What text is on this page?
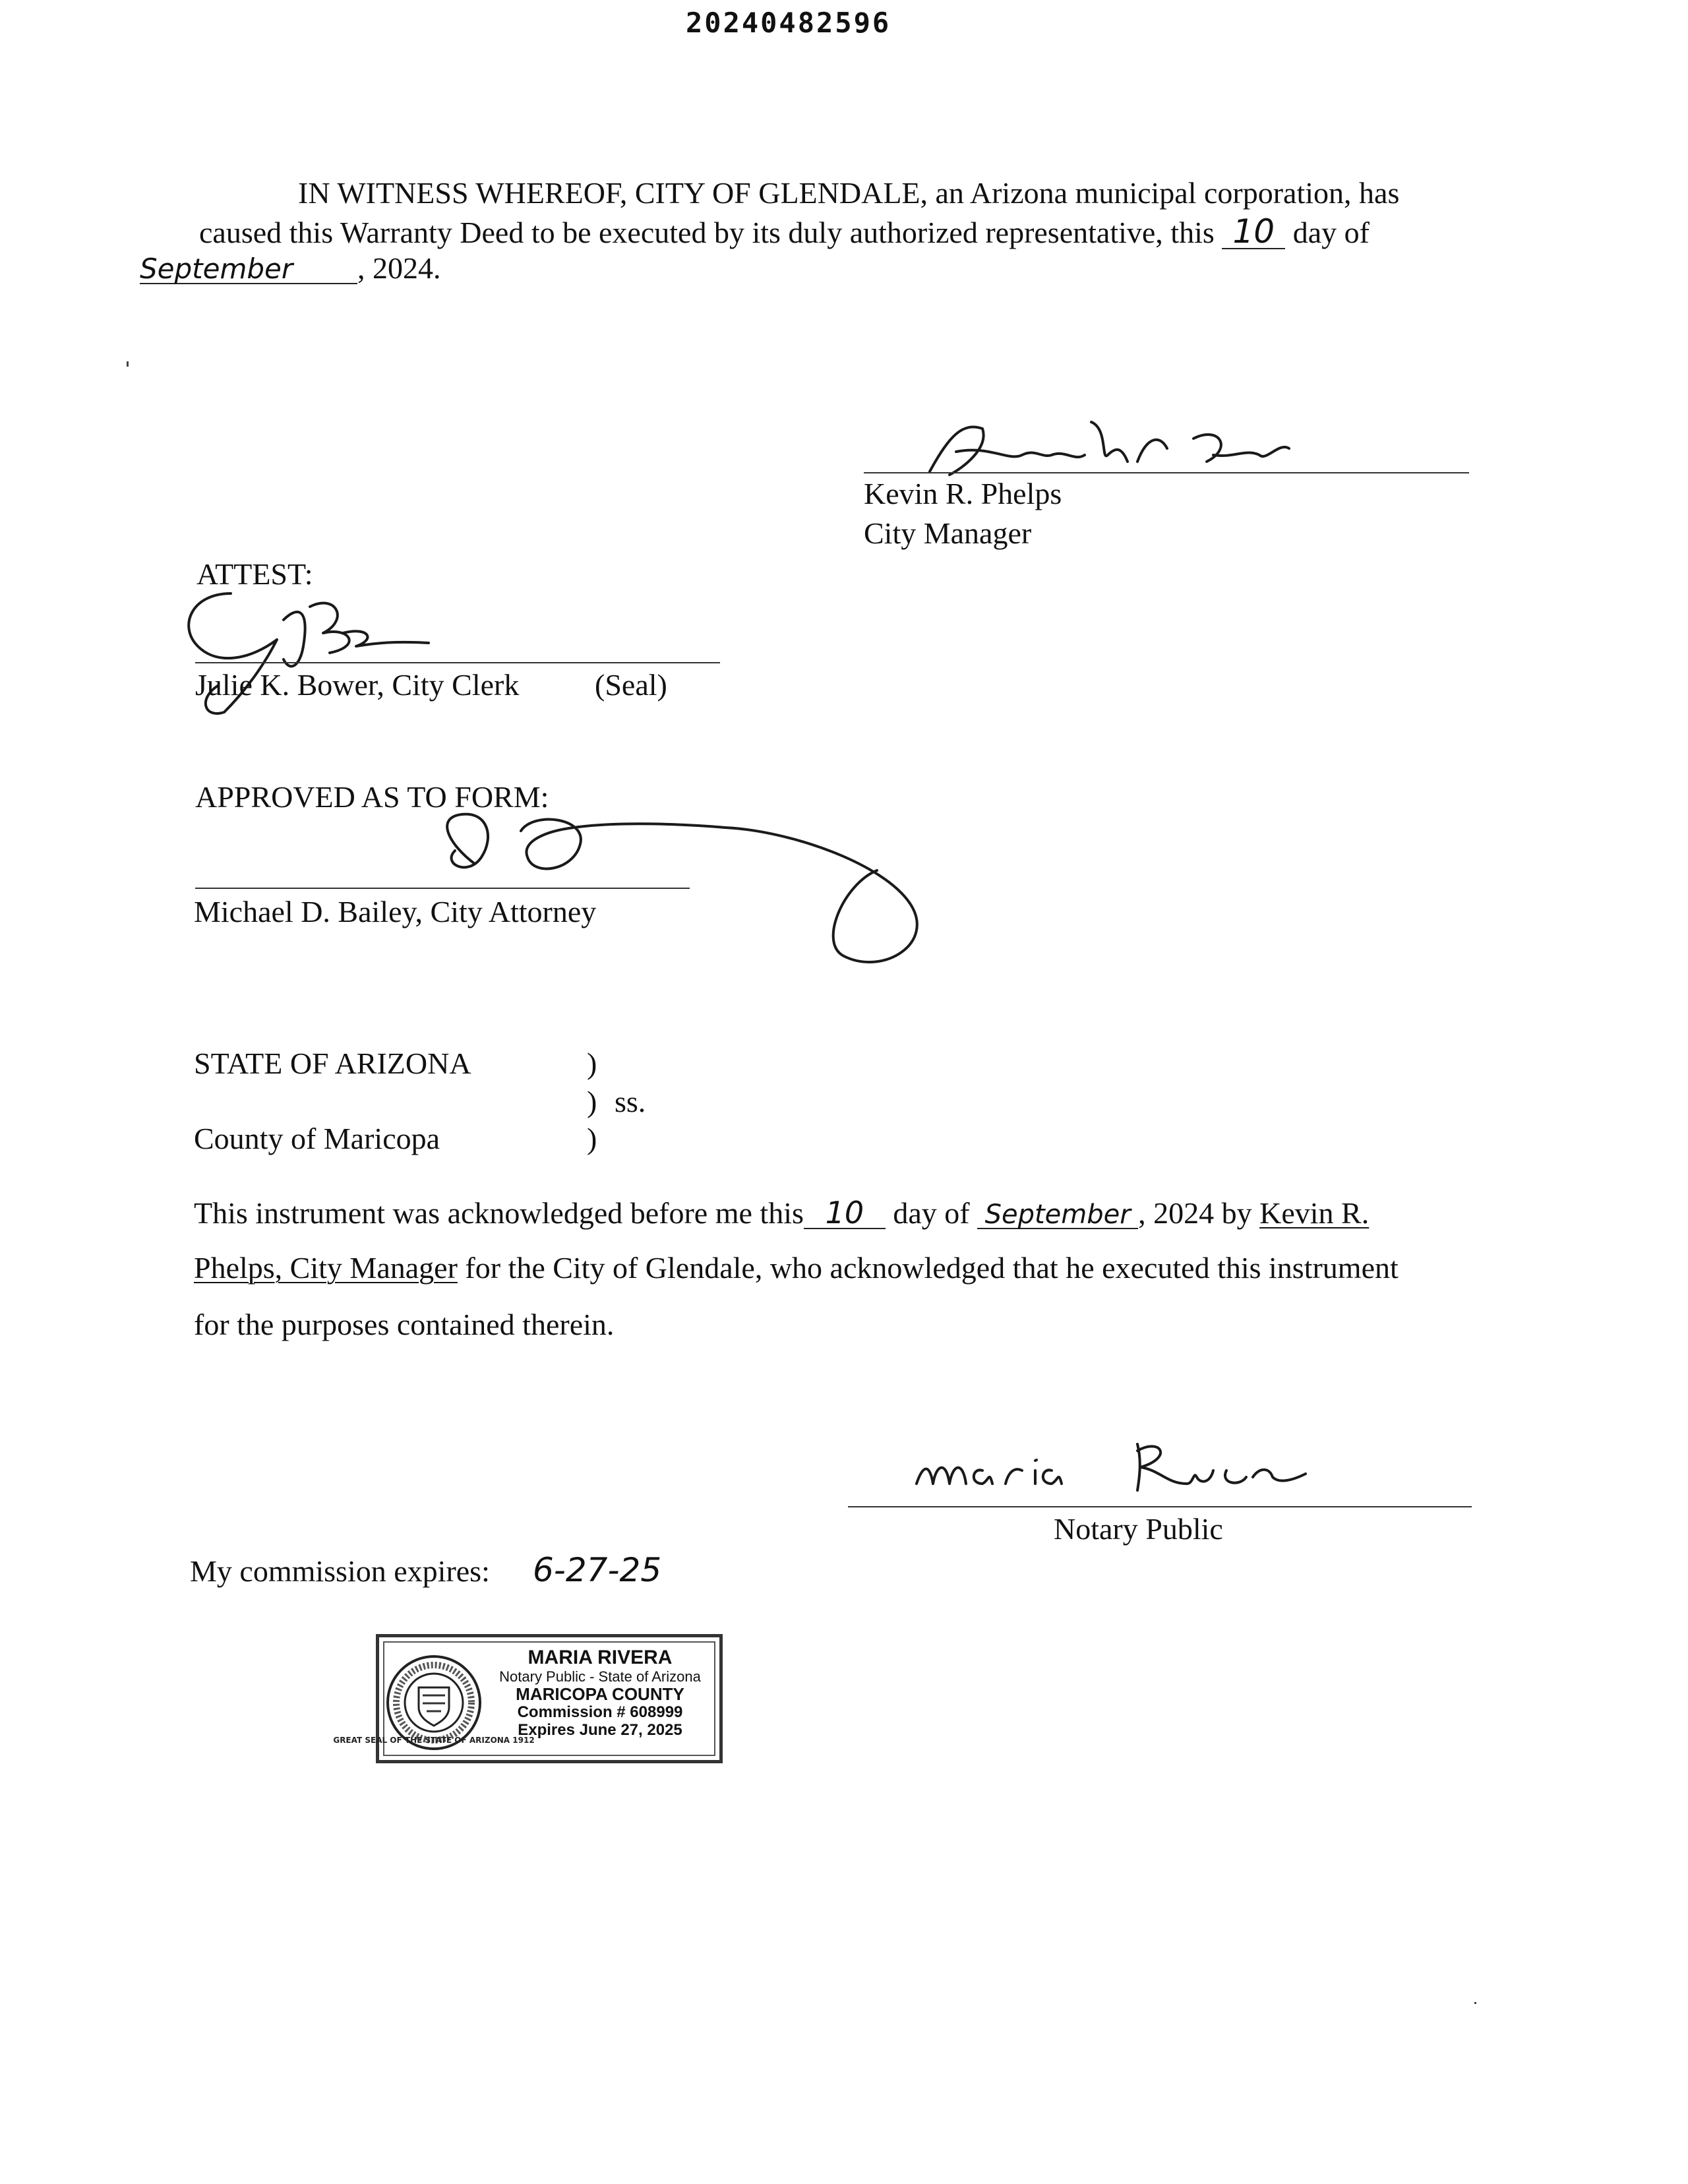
20240482596
IN WITNESS WHEREOF, CITY OF GLENDALE, an Arizona municipal corporation, has
caused this Warranty Deed to be executed by its duly authorized representative, this 10 day of
September , 2024.
Kevin R. Phelps
City Manager
ATTEST:
Julie K. Bower, City Clerk (Seal)
APPROVED AS TO FORM:
Michael D. Bailey, City Attorney
STATE OF ARIZONA	)
) ss.
County of Maricopa	)
This instrument was acknowledged before me this 10 day of September , 2024 by Kevin R.
Phelps, City Manager for the City of Glendale, who acknowledged that he executed this instrument
for the purposes contained therein.
Notary Public
My commission expires: 6-27-25
GREAT SEAL OF THE STATE OF ARIZONA 1912
MARIA RIVERA
Notary Public - State of Arizona
MARICOPA COUNTY
Commission # 608999
Expires June 27, 2025
